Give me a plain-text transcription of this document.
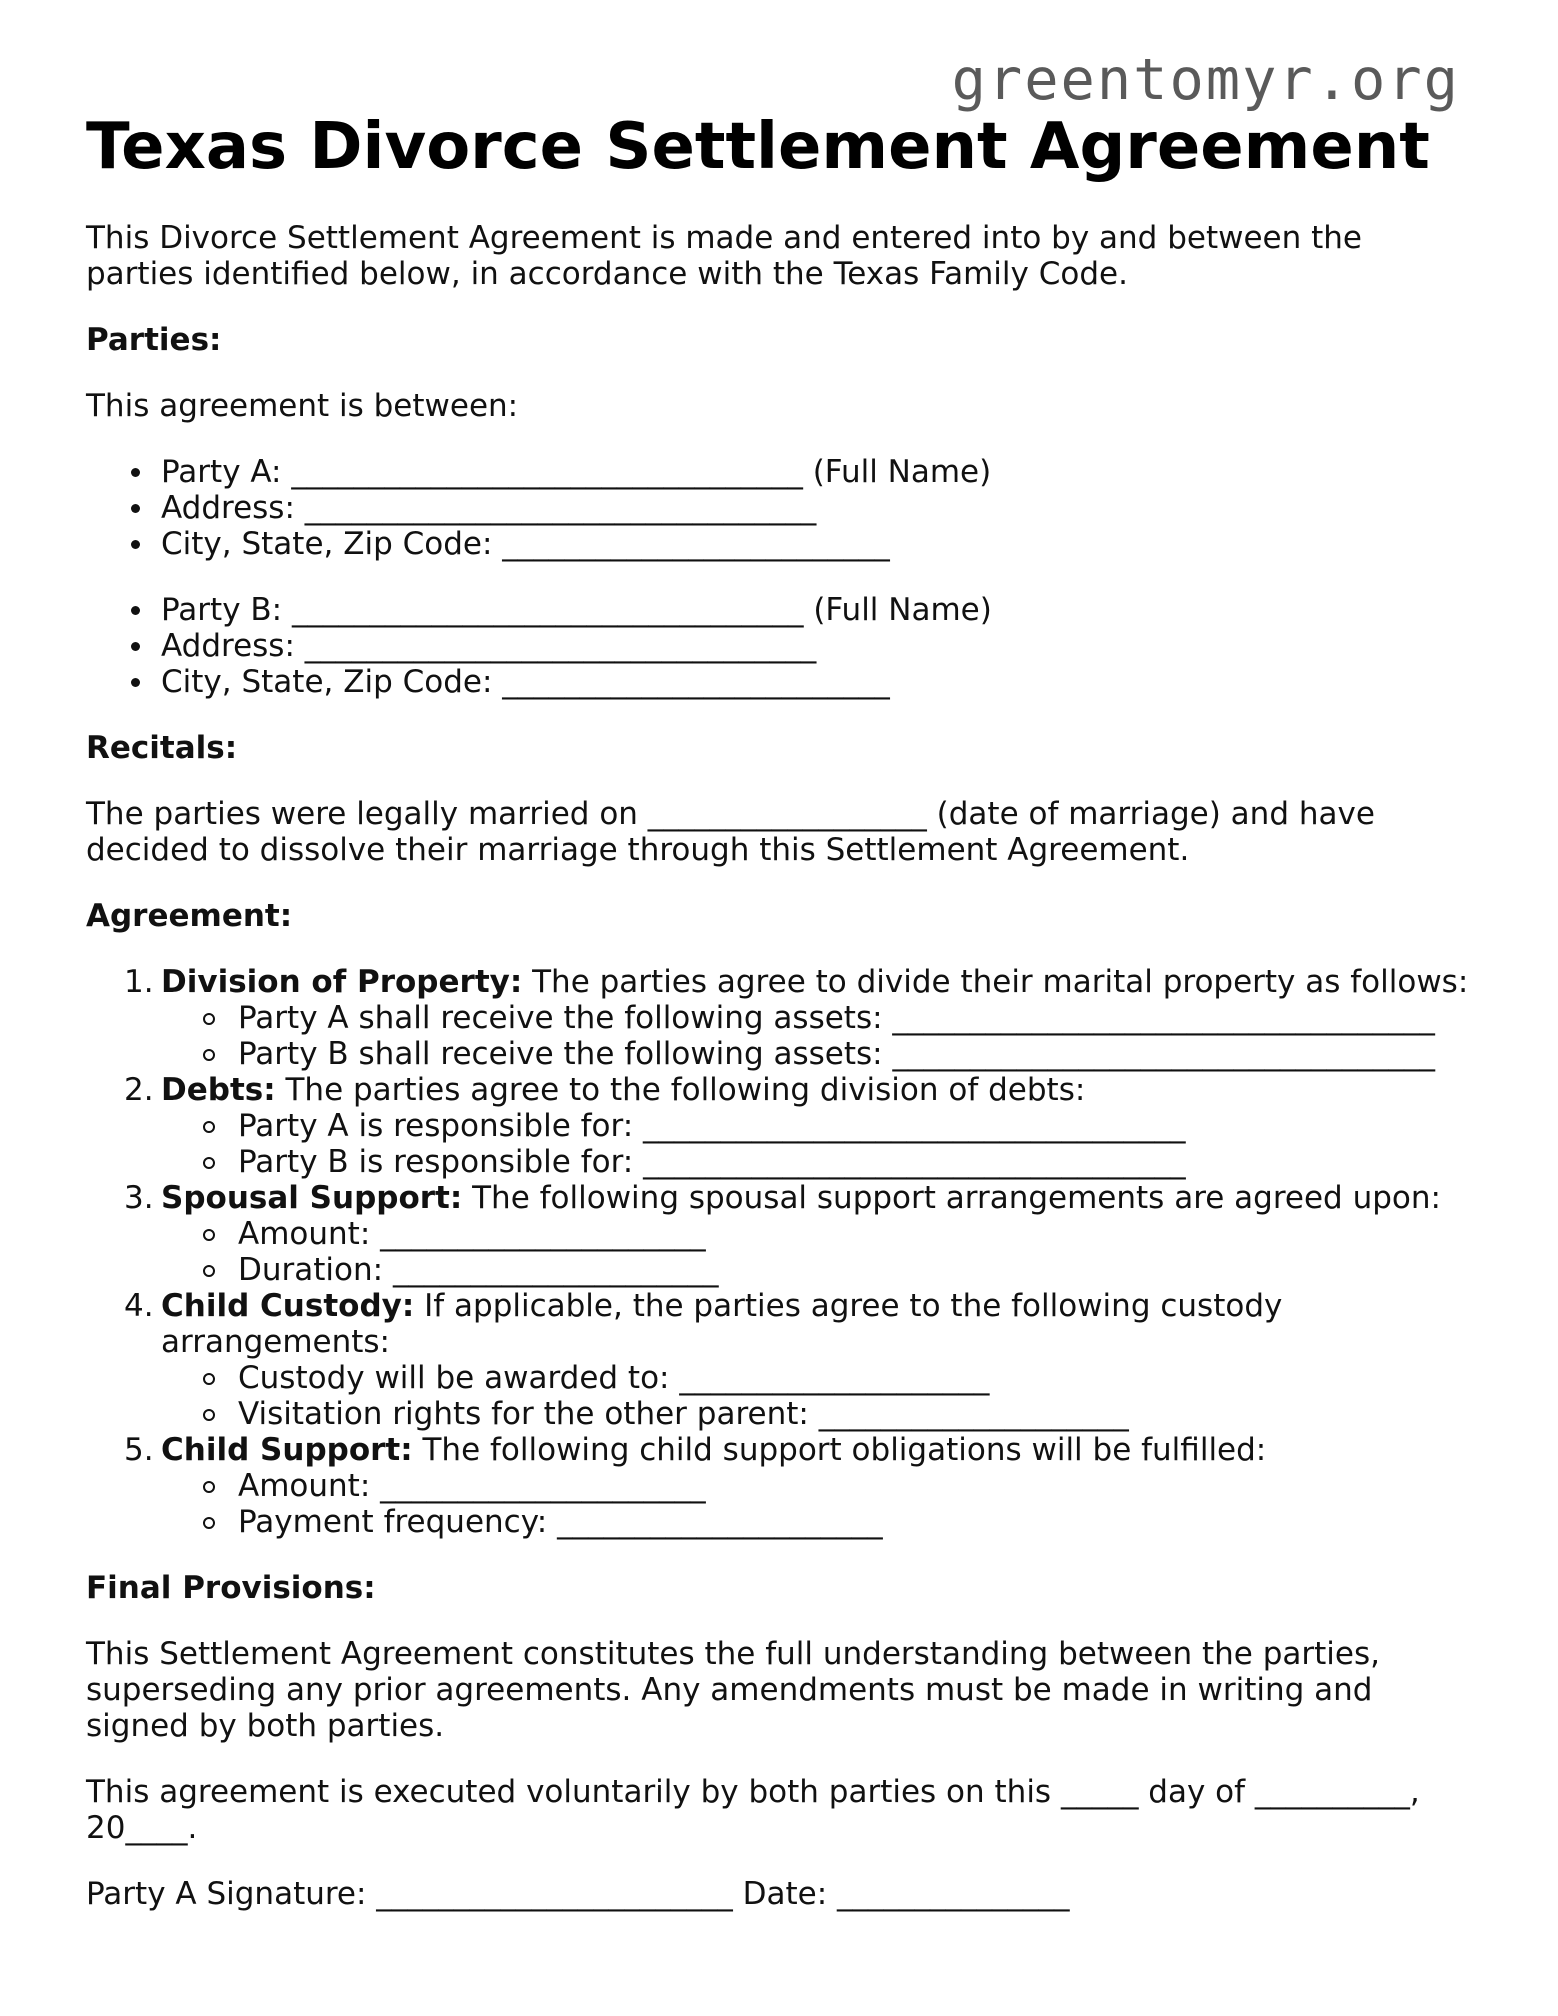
greentomyr.org
Texas Divorce Settlement Agreement

This Divorce Settlement Agreement is made and entered into by and between the parties identified below, in accordance with the Texas Family Code.

Parties:

This agreement is between:

Party A: _________________________________ (Full Name)
Address: _________________________________
City, State, Zip Code: _________________________
Party B: _________________________________ (Full Name)
Address: _________________________________
City, State, Zip Code: _________________________
Recitals:

The parties were legally married on __________________ (date of marriage) and have decided to dissolve their marriage through this Settlement Agreement.

Agreement:
1. Division of Property: The parties agree to divide their marital property as follows:
Party A shall receive the following assets: ___________________________________
Party B shall receive the following assets: ___________________________________
2. Debts: The parties agree to the following division of debts:
Party A is responsible for: ___________________________________
Party B is responsible for: ___________________________________
3. Spousal Support: The following spousal support arrangements are agreed upon:
Amount: _____________________
Duration: _____________________
4. Child Custody: If applicable, the parties agree to the following custody arrangements:
Custody will be awarded to: ____________________
Visitation rights for the other parent: ____________________
5. Child Support: The following child support obligations will be fulfilled:
Amount: _____________________
Payment frequency: _____________________
Final Provisions:

This Settlement Agreement constitutes the full understanding between the parties, superseding any prior agreements. Any amendments must be made in writing and signed by both parties.

This agreement is executed voluntarily by both parties on this _____ day of __________, 20____.

Party A Signature: _______________________ Date: _______________
